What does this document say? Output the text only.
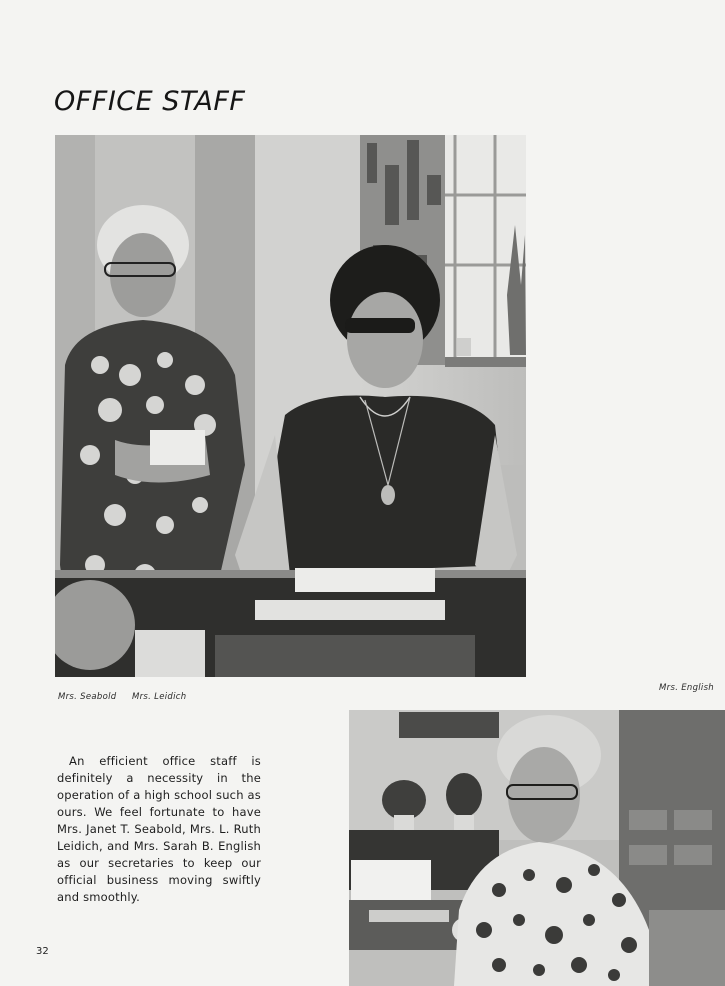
OFFICE STAFF
Mrs. Seabold Mrs. Leidich
Mrs. English

An efficient office staff is definitely a necessity in the operation of a high school such as ours. We feel fortunate to have Mrs. Janet T. Seabold, Mrs. L. Ruth Leidich, and Mrs. Sarah B. English as our secretaries to keep our official business moving swiftly and smoothly.

32
